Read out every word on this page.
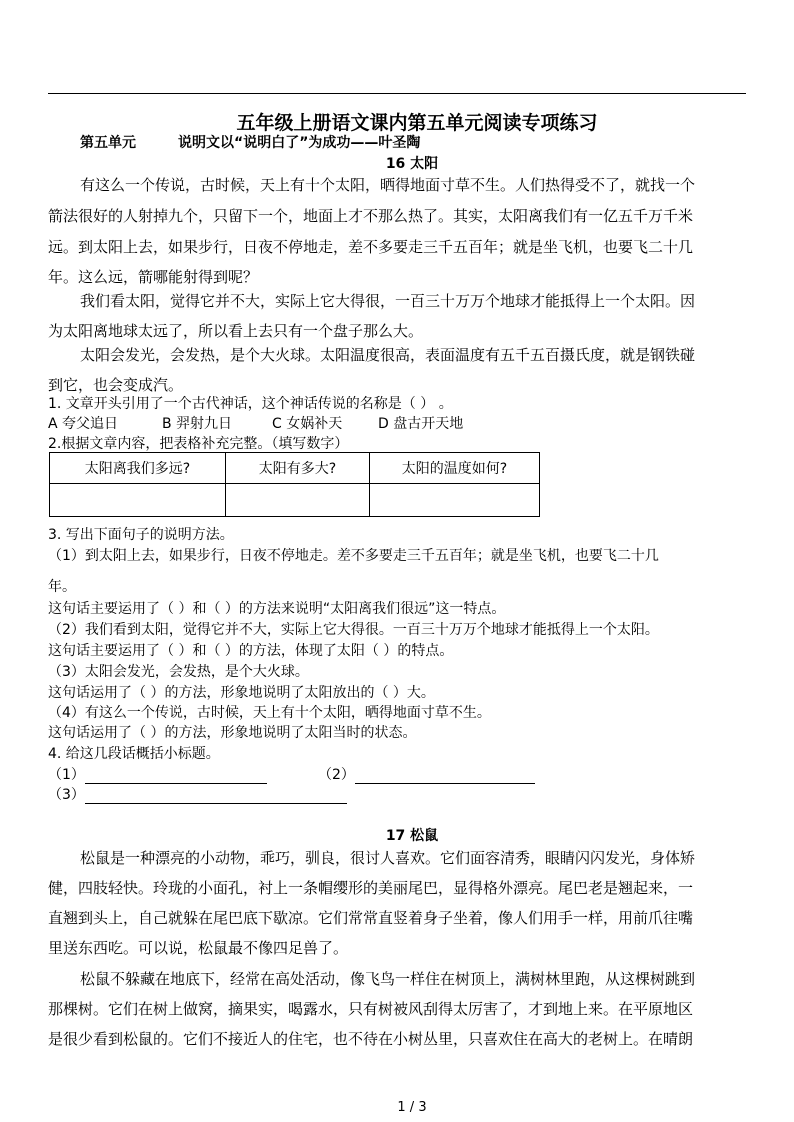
五年级上册语文课内第五单元阅读专项练习
第五单元	说明文以“说明白了”为成功——叶圣陶
16 太阳
有这么一个传说，古时候，天上有十个太阳，晒得地面寸草不生。人们热得受不了，就找一个
箭法很好的人射掉九个，只留下一个，地面上才不那么热了。其实，太阳离我们有一亿五千万千米
远。到太阳上去，如果步行，日夜不停地走，差不多要走三千五百年；就是坐飞机，也要飞二十几
年。这么远，箭哪能射得到呢？
我们看太阳，觉得它并不大，实际上它大得很，一百三十万万个地球才能抵得上一个太阳。因
为太阳离地球太远了，所以看上去只有一个盘子那么大。
太阳会发光，会发热，是个大火球。太阳温度很高，表面温度有五千五百摄氏度，就是钢铁碰
到它，也会变成汽。
1. 文章开头引用了一个古代神话，这个神话传说的名称是（ ） 。
A 夸父追日	B 羿射九日	C 女娲补天	D 盘古开天地
2.根据文章内容，把表格补充完整。（填写数字）
太阳离我们多远?	太阳有多大?	太阳的温度如何?

3. 写出下面句子的说明方法。
（1）到太阳上去，如果步行，日夜不停地走。差不多要走三千五百年；就是坐飞机，也要飞二十几
年。
这句话主要运用了（ ）和（ ）的方法来说明“太阳离我们很远”这一特点。
（2）我们看到太阳，觉得它并不大，实际上它大得很。一百三十万万个地球才能抵得上一个太阳。
这句话主要运用了（ ）和（ ）的方法，体现了太阳（ ）的特点。
（3）太阳会发光，会发热，是个大火球。
这句话运用了（ ）的方法，形象地说明了太阳放出的（ ）大。
（4）有这么一个传说，古时候，天上有十个太阳，晒得地面寸草不生。
这句话运用了（ ）的方法，形象地说明了太阳当时的状态。
4. 给这几段话概括小标题。
（1）	（2）
（3）
17 松鼠
松鼠是一种漂亮的小动物，乖巧，驯良，很讨人喜欢。它们面容清秀，眼睛闪闪发光，身体矫
健，四肢轻快。玲珑的小面孔，衬上一条帽缨形的美丽尾巴，显得格外漂亮。尾巴老是翘起来，一
直翘到头上，自己就躲在尾巴底下歇凉。它们常常直竖着身子坐着，像人们用手一样，用前爪往嘴
里送东西吃。可以说，松鼠最不像四足兽了。
松鼠不躲藏在地底下，经常在高处活动，像飞鸟一样住在树顶上，满树林里跑，从这棵树跳到
那棵树。它们在树上做窝，摘果实，喝露水，只有树被风刮得太厉害了，才到地上来。在平原地区
是很少看到松鼠的。它们不接近人的住宅，也不待在小树丛里，只喜欢住在高大的老树上。在晴朗
1 / 3
